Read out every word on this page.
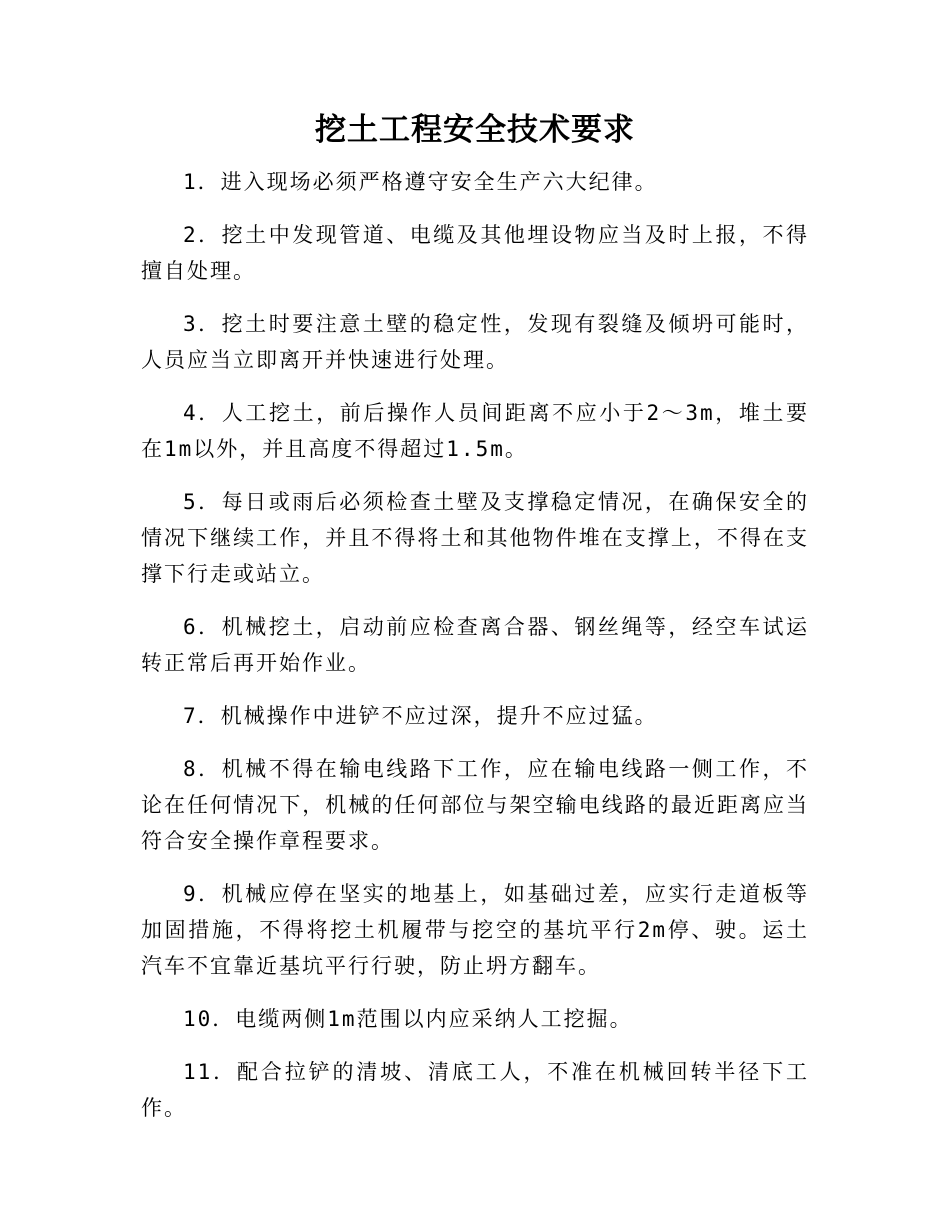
挖土工程安全技术要求

1．进入现场必须严格遵守安全生产六大纪律。

2．挖土中发现管道、电缆及其他埋设物应当及时上报，不得擅自处理。

3．挖土时要注意土壁的稳定性，发现有裂缝及倾坍可能时，人员应当立即离开并快速进行处理。

4．人工挖土，前后操作人员间距离不应小于2～3m，堆土要在1m以外，并且高度不得超过1.5m。

5．每日或雨后必须检查土壁及支撑稳定情况，在确保安全的情况下继续工作，并且不得将土和其他物件堆在支撑上，不得在支撑下行走或站立。

6．机械挖土，启动前应检查离合器、钢丝绳等，经空车试运转正常后再开始作业。

7．机械操作中进铲不应过深，提升不应过猛。

8．机械不得在输电线路下工作，应在输电线路一侧工作，不论在任何情况下，机械的任何部位与架空输电线路的最近距离应当符合安全操作章程要求。

9．机械应停在坚实的地基上，如基础过差，应实行走道板等加固措施，不得将挖土机履带与挖空的基坑平行2m停、驶。运土汽车不宜靠近基坑平行行驶，防止坍方翻车。

10．电缆两侧1m范围以内应采纳人工挖掘。

11．配合拉铲的清坡、清底工人，不准在机械回转半径下工作。
